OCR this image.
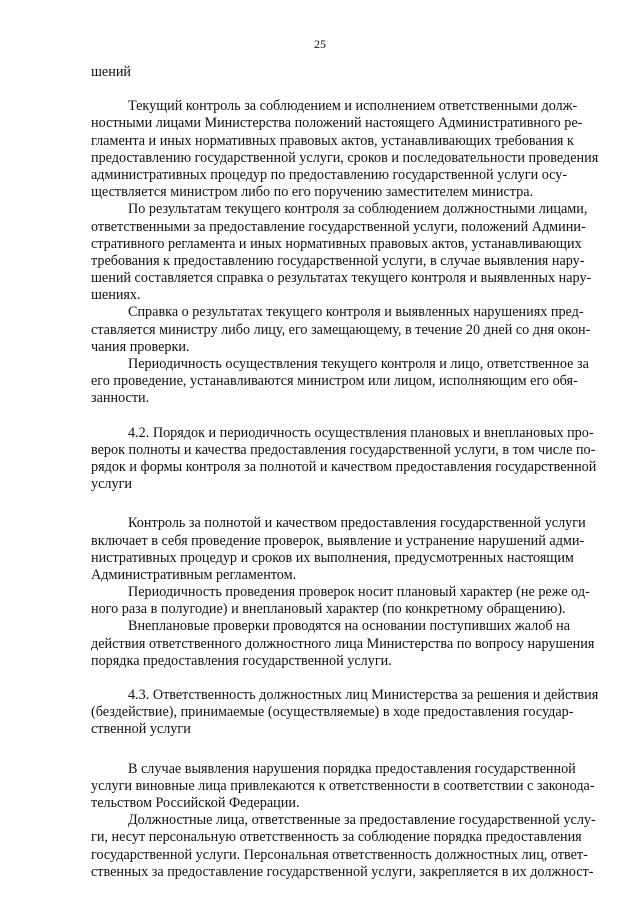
25
шений
Текущий контроль за соблюдением и исполнением ответственными долж-
ностными лицами Министерства положений настоящего Административного ре-
гламента и иных нормативных правовых актов, устанавливающих требования к
предоставлению государственной услуги, сроков и последовательности проведения
административных процедур по предоставлению государственной услуги осу-
ществляется министром либо по его поручению заместителем министра.
По результатам текущего контроля за соблюдением должностными лицами,
ответственными за предоставление государственной услуги, положений Админи-
стративного регламента и иных нормативных правовых актов, устанавливающих
требования к предоставлению государственной услуги, в случае выявления нару-
шений составляется справка о результатах текущего контроля и выявленных нару-
шениях.
Справка о результатах текущего контроля и выявленных нарушениях пред-
ставляется министру либо лицу, его замещающему, в течение 20 дней со дня окон-
чания проверки.
Периодичность осуществления текущего контроля и лицо, ответственное за
его проведение, устанавливаются министром или лицом, исполняющим его обя-
занности.
4.2. Порядок и периодичность осуществления плановых и внеплановых про-
верок полноты и качества предоставления государственной услуги, в том числе по-
рядок и формы контроля за полнотой и качеством предоставления государственной
услуги
Контроль за полнотой и качеством предоставления государственной услуги
включает в себя проведение проверок, выявление и устранение нарушений адми-
нистративных процедур и сроков их выполнения, предусмотренных настоящим
Административным регламентом.
Периодичность проведения проверок носит плановый характер (не реже од-
ного раза в полугодие) и внеплановый характер (по конкретному обращению).
Внеплановые проверки проводятся на основании поступивших жалоб на
действия ответственного должностного лица Министерства по вопросу нарушения
порядка предоставления государственной услуги.
4.3. Ответственность должностных лиц Министерства за решения и действия
(бездействие), принимаемые (осуществляемые) в ходе предоставления государ-
ственной услуги
В случае выявления нарушения порядка предоставления государственной
услуги виновные лица привлекаются к ответственности в соответствии с законода-
тельством Российской Федерации.
Должностные лица, ответственные за предоставление государственной услу-
ги, несут персональную ответственность за соблюдение порядка предоставления
государственной услуги. Персональная ответственность должностных лиц, ответ-
ственных за предоставление государственной услуги, закрепляется в их должност-
